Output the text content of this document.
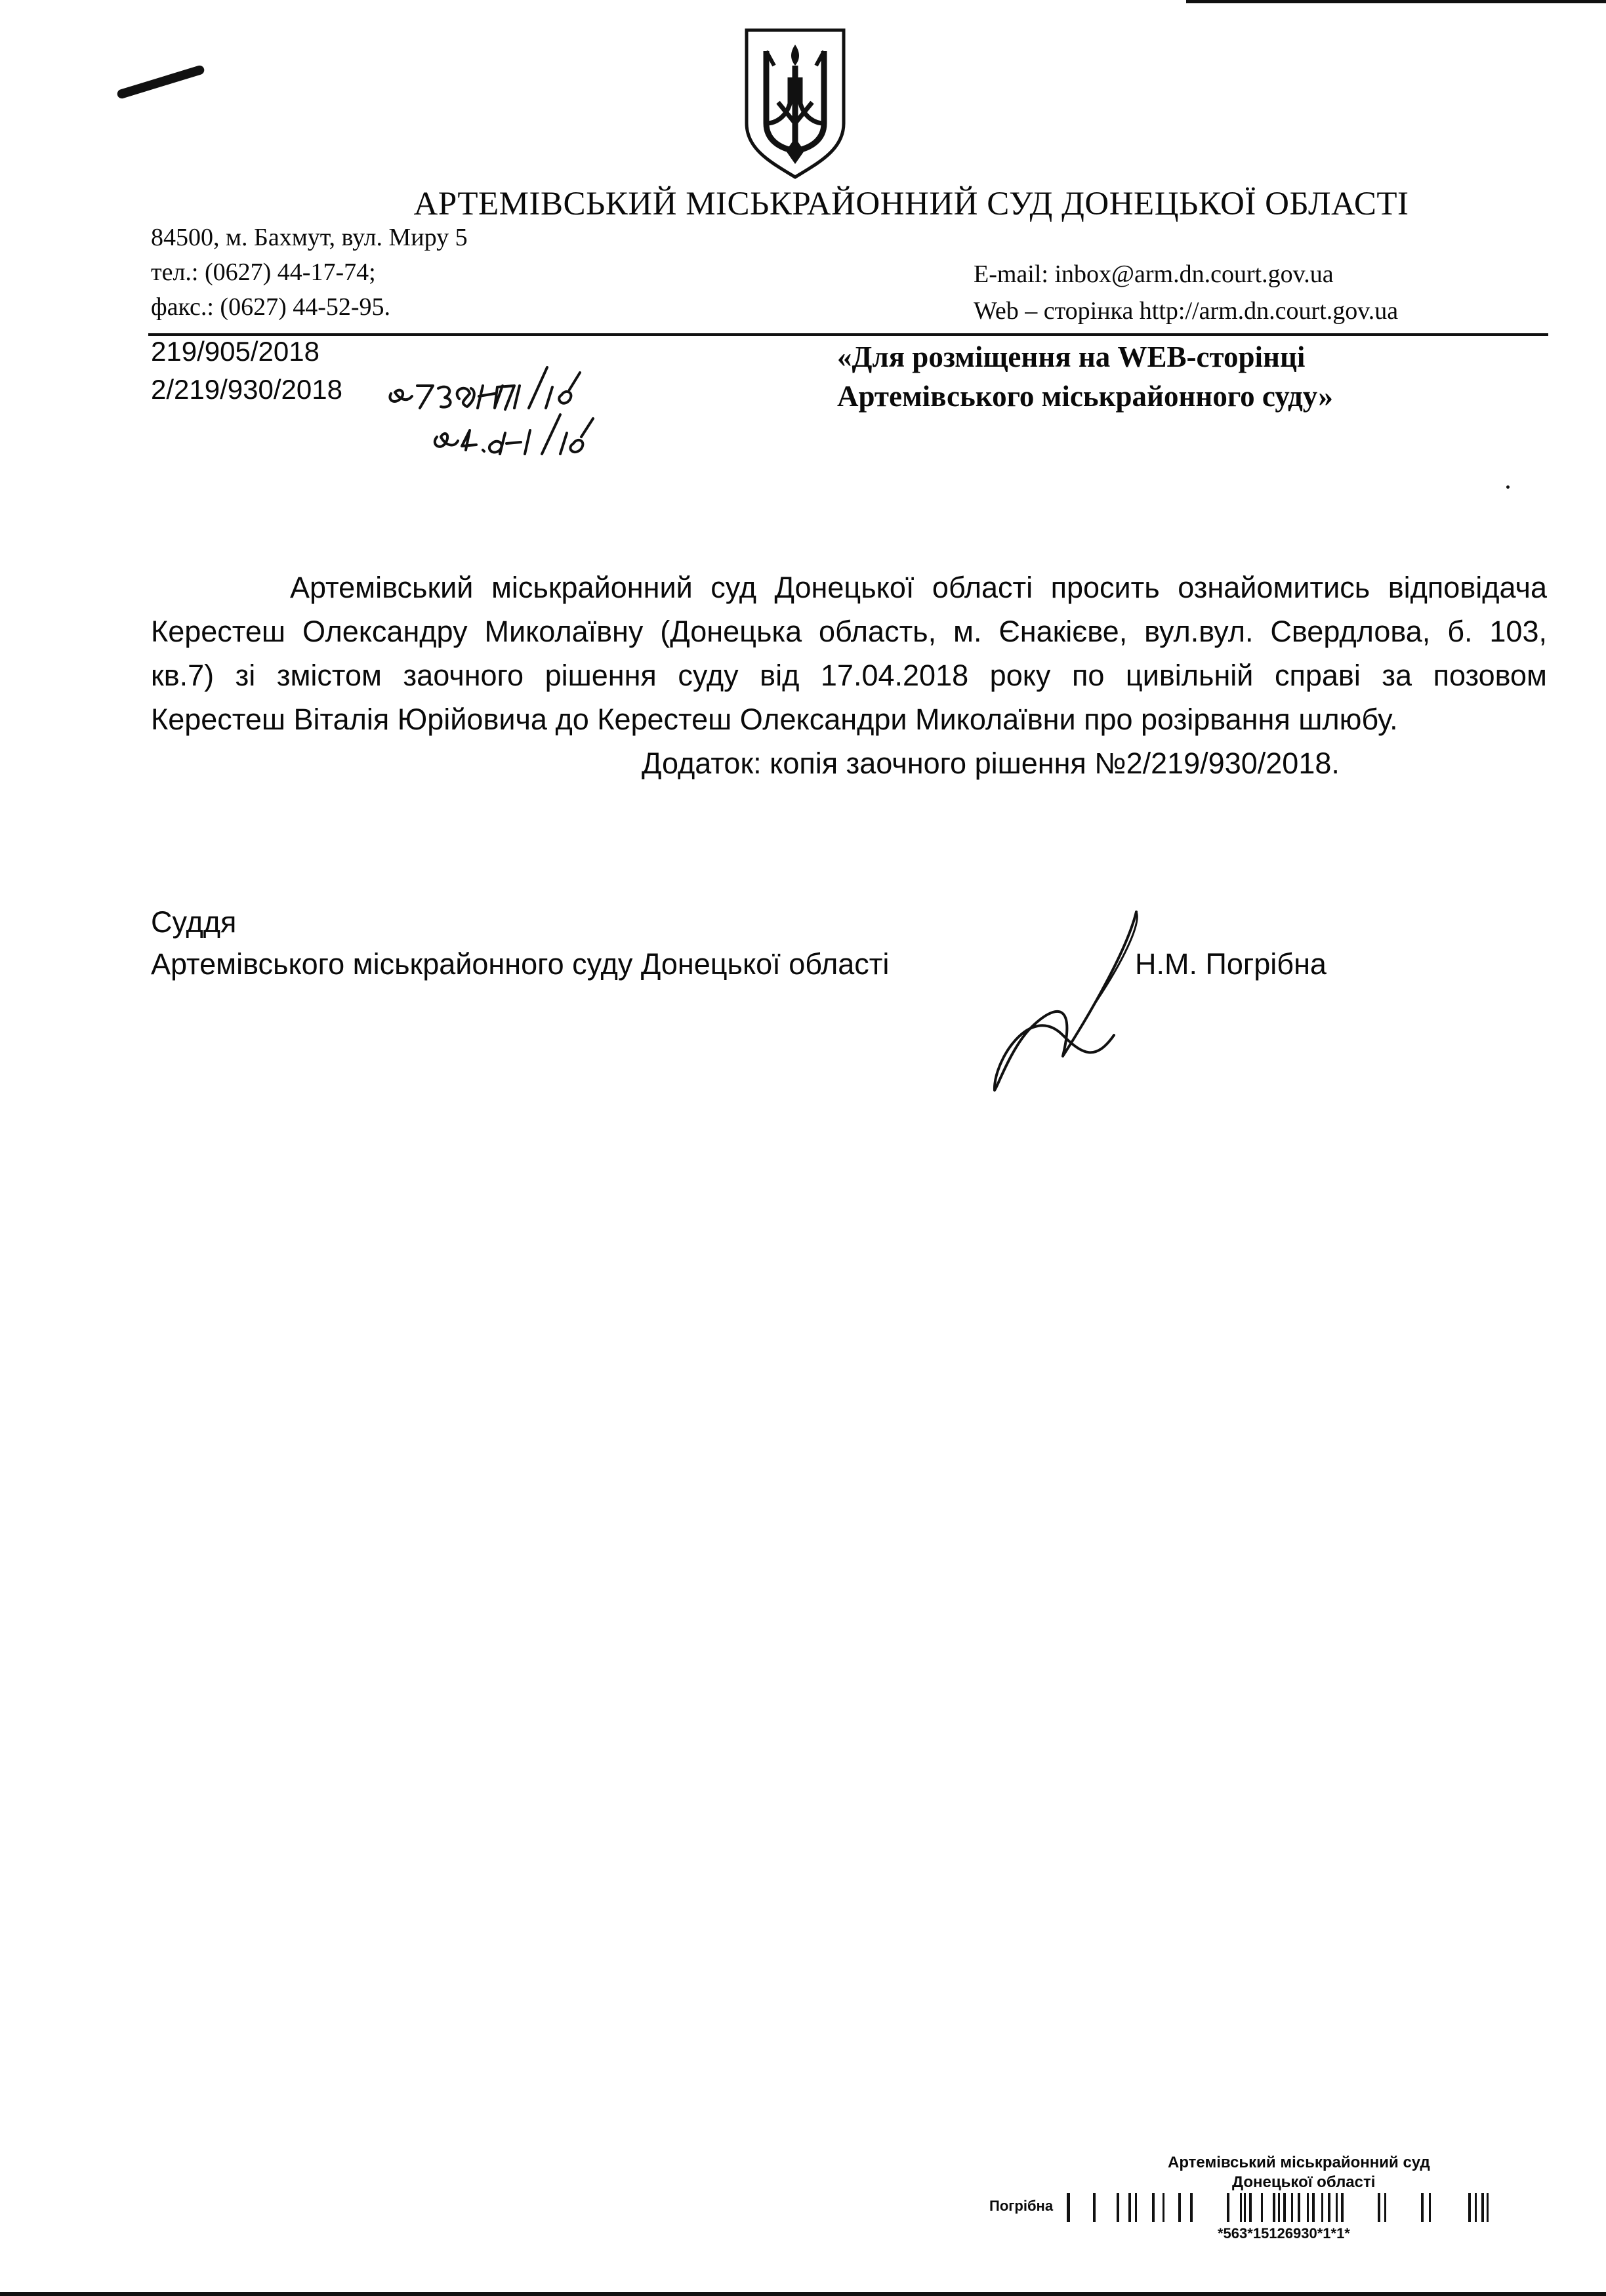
АРТЕМІВСЬКИЙ МІСЬКРАЙОННИЙ СУД ДОНЕЦЬКОЇ ОБЛАСТІ
84500, м. Бахмут, вул. Миру 5
тел.: (0627) 44-17-74;
факс.: (0627) 44-52-95.
E-mail: inbox@arm.dn.court.gov.ua
Web – сторінка http://arm.dn.court.gov.ua
219/905/2018
2/219/930/2018
«Для розміщення на WEB-сторінці
Артемівського міськрайонного суду»

Артемівський міськрайонний суд Донецької області просить ознайомитись відповідача

Керестеш Олександру Миколаївну (Донецька область, м. Єнакієве, вул.вул. Свердлова, б. 103,

кв.7) зі змістом заочного рішення суду від 17.04.2018 року по цивільній справі за позовом

Керестеш Віталія Юрійовича до Керестеш Олександри Миколаївни про розірвання шлюбу.

Додаток: копія заочного рішення №2/219/930/2018.

Суддя
Артемівського міськрайонного суду Донецької області	Н.М. Погрібна
Артемівський міськрайонний суд
Донецької області
Погрібна
*563*15126930*1*1*
